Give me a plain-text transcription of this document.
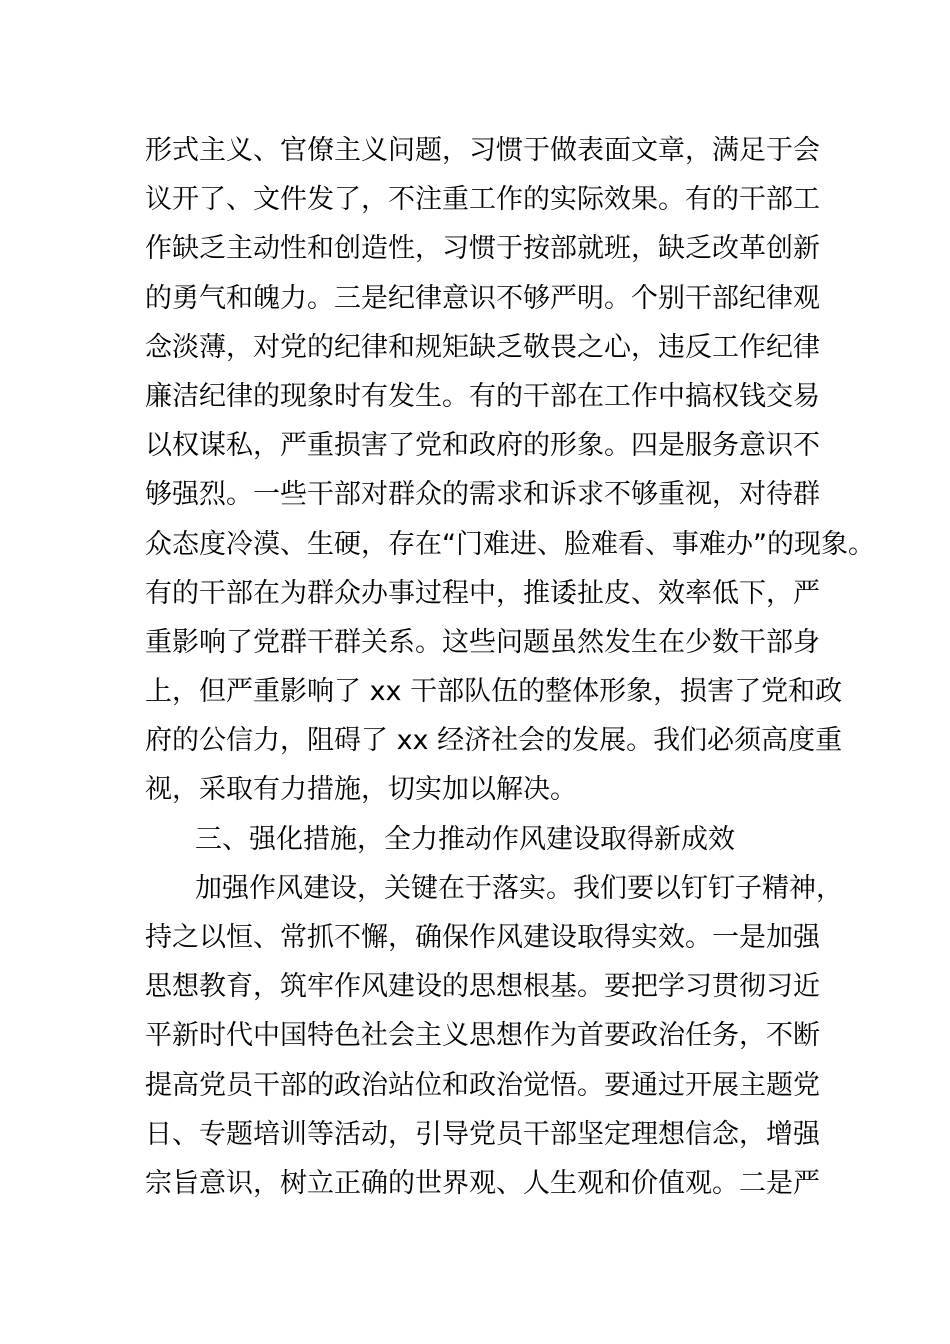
形式主义、官僚主义问题，习惯于做表面文章，满足于会
议开了、文件发了，不注重工作的实际效果。有的干部工
作缺乏主动性和创造性，习惯于按部就班，缺乏改革创新
的勇气和魄力。三是纪律意识不够严明。个别干部纪律观
念淡薄，对党的纪律和规矩缺乏敬畏之心，违反工作纪律
廉洁纪律的现象时有发生。有的干部在工作中搞权钱交易
以权谋私，严重损害了党和政府的形象。四是服务意识不
够强烈。一些干部对群众的需求和诉求不够重视，对待群
众态度冷漠、生硬，存在“门难进、脸难看、事难办”的现象。
有的干部在为群众办事过程中，推诿扯皮、效率低下，严
重影响了党群干群关系。这些问题虽然发生在少数干部身
上，但严重影响了 xx 干部队伍的整体形象，损害了党和政
府的公信力，阻碍了 xx 经济社会的发展。我们必须高度重
视，采取有力措施，切实加以解决。
三、强化措施，全力推动作风建设取得新成效
加强作风建设，关键在于落实。我们要以钉钉子精神，
持之以恒、常抓不懈，确保作风建设取得实效。一是加强
思想教育，筑牢作风建设的思想根基。要把学习贯彻习近
平新时代中国特色社会主义思想作为首要政治任务，不断
提高党员干部的政治站位和政治觉悟。要通过开展主题党
日、专题培训等活动，引导党员干部坚定理想信念，增强
宗旨意识，树立正确的世界观、人生观和价值观。二是严
